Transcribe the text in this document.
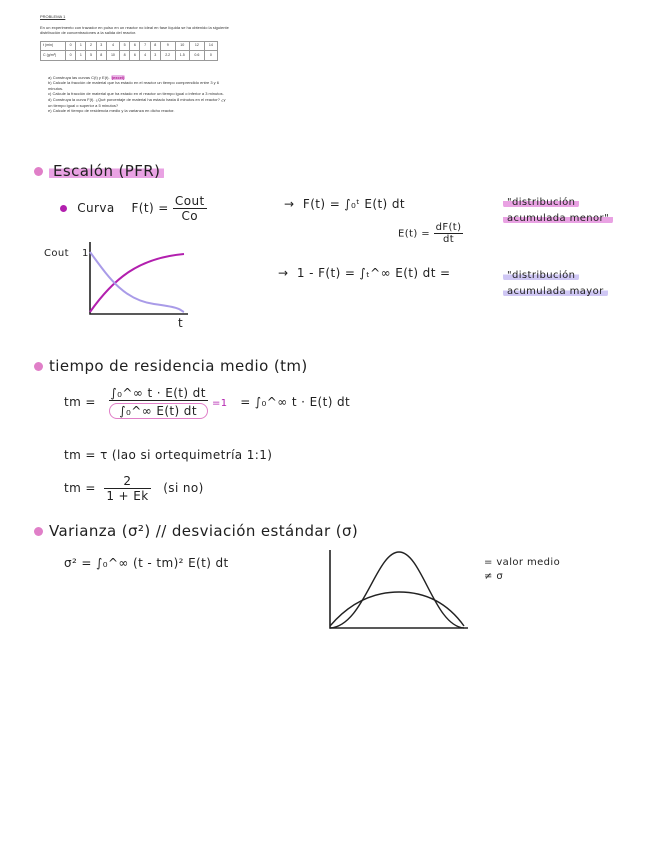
PROBLEMA 1
En un experimento con trazador en pulso en un reactor no ideal en fase líquida se ha obtenido la siguiente distribución de concentraciones a la salida del reactor.
t (min)	0	1	2	3	4	5	6	7	8	9	10	12	14
C (g/m³)	0	1	5	8	10	8	6	4	3	2.2	1.5	0.6	0
a) Construya las curvas C(t) y E(t). (excel)
b) Calcule la fracción de material que ha estado en el reactor un tiempo comprendido entre 3 y 6 minutos.
c) Calcule la fracción de material que ha estado en el reactor un tiempo igual o inferior a 3 minutos.
d) Construya la curva F(t). ¿Qué porcentaje de material ha estado hasta 8 minutos en el reactor? ¿y un tiempo igual o superior a 5 minutos?
e) Calcule el tiempo de residencia medio y la varianza en dicho reactor.
Escalón (PFR)
Curva $F(t) = \frac{\text{Cout}}{Co}$	→ F(t) = ∫₀ᵗ E(t) dt
$E(t) = \frac{dF(t)}{dt}$
"distribución
acumulada menor"
→ 1 - F(t) = ∫ₜ^∞ E(t) dt =	"distribución
acumulada mayor
Cout 1
t
tiempo de residencia medio (tm)
tm = $\frac{\text{∫₀\textasciicircum{}∞ t · E(t) dt}}{\text{∫₀\textasciicircum{}∞ E(t) dt}} =1$ = ∫₀^∞ t · E(t) dt
tm = τ (lao si ortequimetría 1:1)
tm = $\frac{2}{1 + Ek} (si$ no)
Varianza (σ²) // desviación estándar (σ)
σ² = ∫₀^∞ (t - tm)² E(t) dt	= valor medio
≠ σ
